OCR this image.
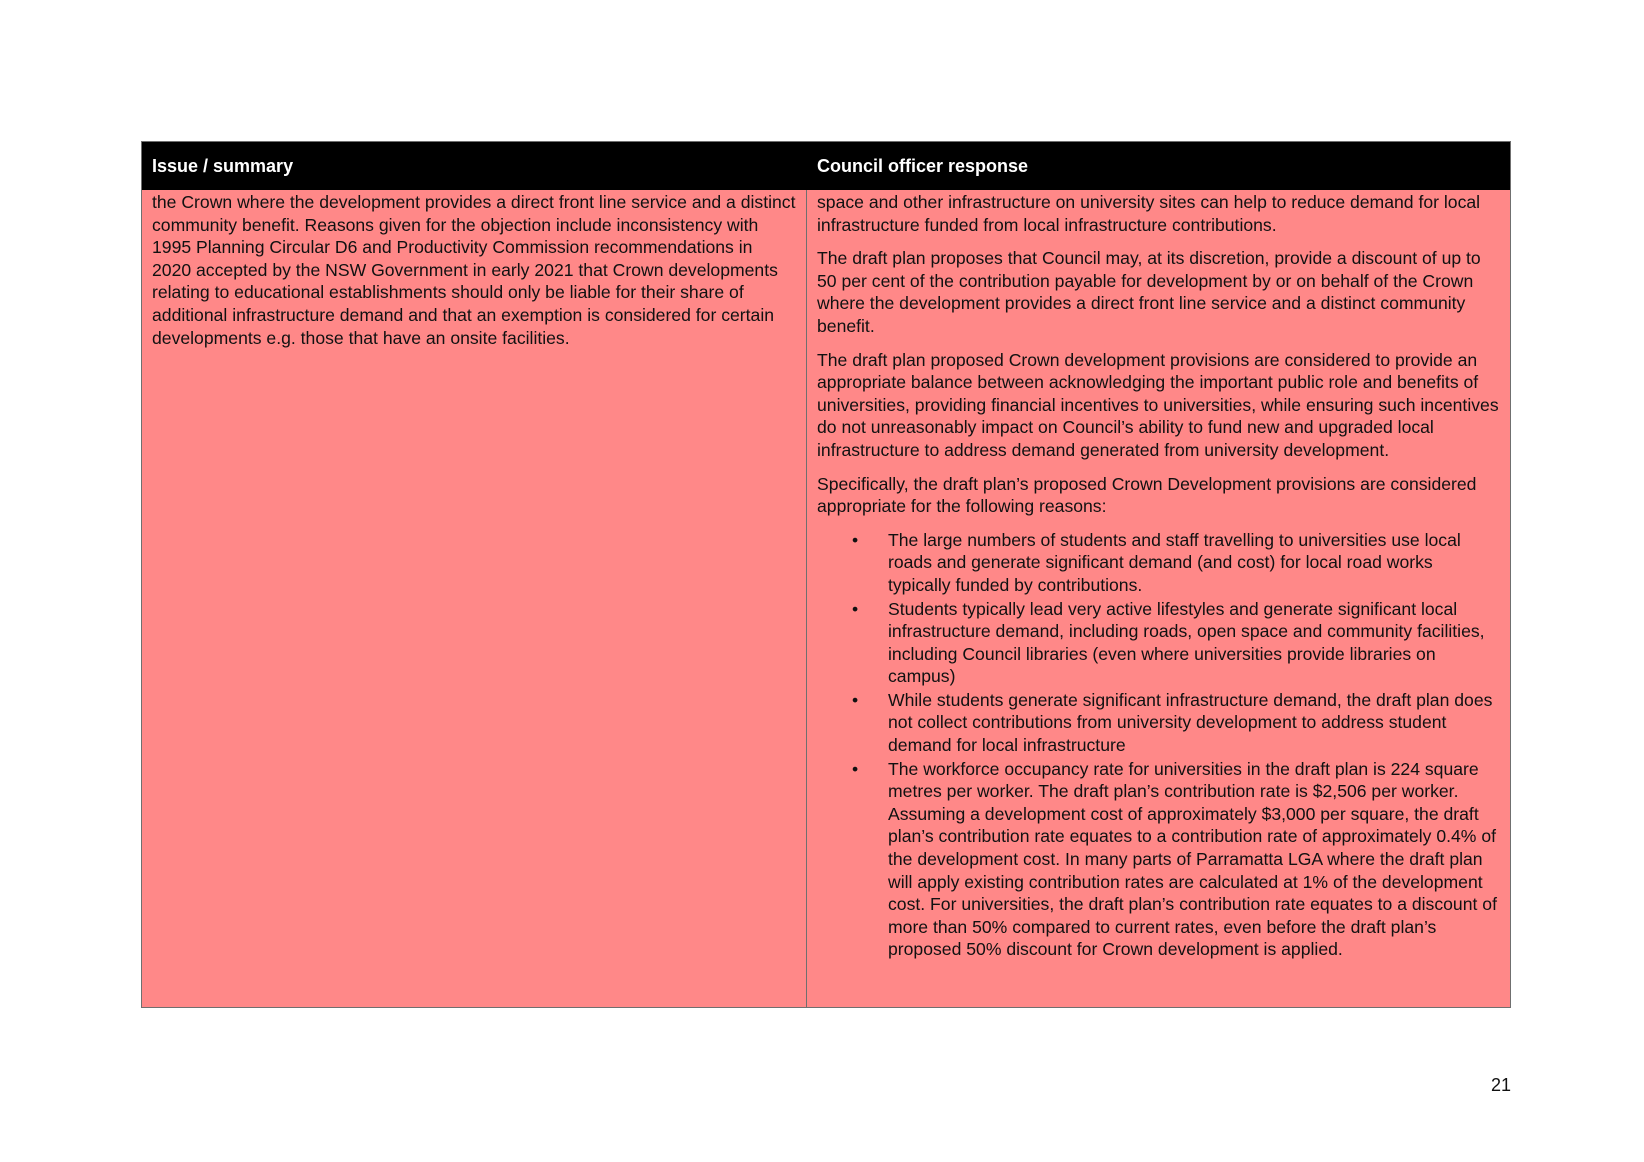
Issue / summary	Council officer response
the Crown where the development provides a direct front line service and a distinct community benefit. Reasons given for the objection include inconsistency with 1995 Planning Circular D6 and Productivity Commission recommendations in 2020 accepted by the NSW Government in early 2021 that Crown developments relating to educational establishments should only be liable for their share of additional infrastructure demand and that an exemption is considered for certain developments e.g. those that have an onsite facilities.

space and other infrastructure on university sites can help to reduce demand for local infrastructure funded from local infrastructure contributions.

The draft plan proposes that Council may, at its discretion, provide a discount of up to 50 per cent of the contribution payable for development by or on behalf of the Crown where the development provides a direct front line service and a distinct community benefit.

The draft plan proposed Crown development provisions are considered to provide an appropriate balance between acknowledging the important public role and benefits of universities, providing financial incentives to universities, while ensuring such incentives do not unreasonably impact on Council’s ability to fund new and upgraded local infrastructure to address demand generated from university development.

Specifically, the draft plan’s proposed Crown Development provisions are considered appropriate for the following reasons:

• The large numbers of students and staff travelling to universities use local roads and generate significant demand (and cost) for local road works typically funded by contributions.
• Students typically lead very active lifestyles and generate significant local infrastructure demand, including roads, open space and community facilities, including Council libraries (even where universities provide libraries on campus)
• While students generate significant infrastructure demand, the draft plan does not collect contributions from university development to address student demand for local infrastructure
• The workforce occupancy rate for universities in the draft plan is 224 square metres per worker. The draft plan’s contribution rate is $2,506 per worker. Assuming a development cost of approximately $3,000 per square, the draft plan’s contribution rate equates to a contribution rate of approximately 0.4% of the development cost. In many parts of Parramatta LGA where the draft plan will apply existing contribution rates are calculated at 1% of the development cost. For universities, the draft plan’s contribution rate equates to a discount of more than 50% compared to current rates, even before the draft plan’s proposed 50% discount for Crown development is applied.
21
